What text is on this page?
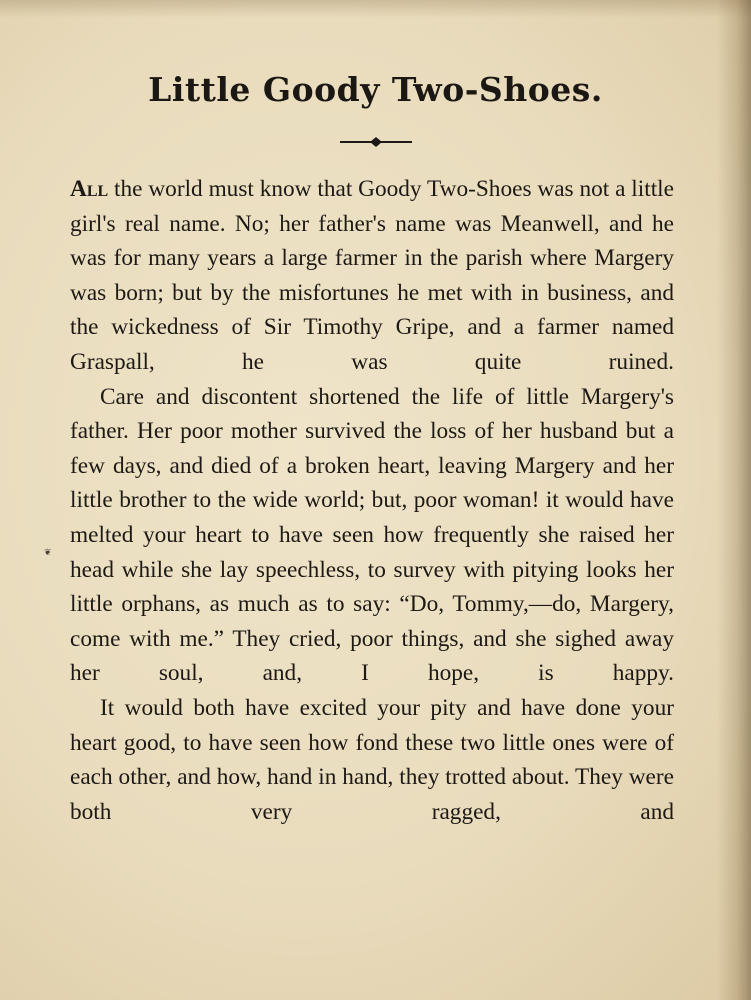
Little Goody Two-Shoes.
❦

All the world must know that Goody Two-Shoes was not a little girl's real name. No; her father's name was Meanwell, and he was for many years a large farmer in the parish where Margery was born; but by the misfortunes he met with in business, and the wickedness of Sir Timothy Gripe, and a farmer named Graspall, he was quite ruined.

Care and discontent shortened the life of little Margery's father. Her poor mother survived the loss of her husband but a few days, and died of a broken heart, leaving Margery and her little brother to the wide world; but, poor woman! it would have melted your heart to have seen how frequently she raised her head while she lay speechless, to survey with pitying looks her little orphans, as much as to say: “Do, Tommy,—do, Margery, come with me.” They cried, poor things, and she sighed away her soul, and, I hope, is happy.

It would both have excited your pity and have done your heart good, to have seen how fond these two little ones were of each other, and how, hand in hand, they trotted about. They were both very ragged, and
